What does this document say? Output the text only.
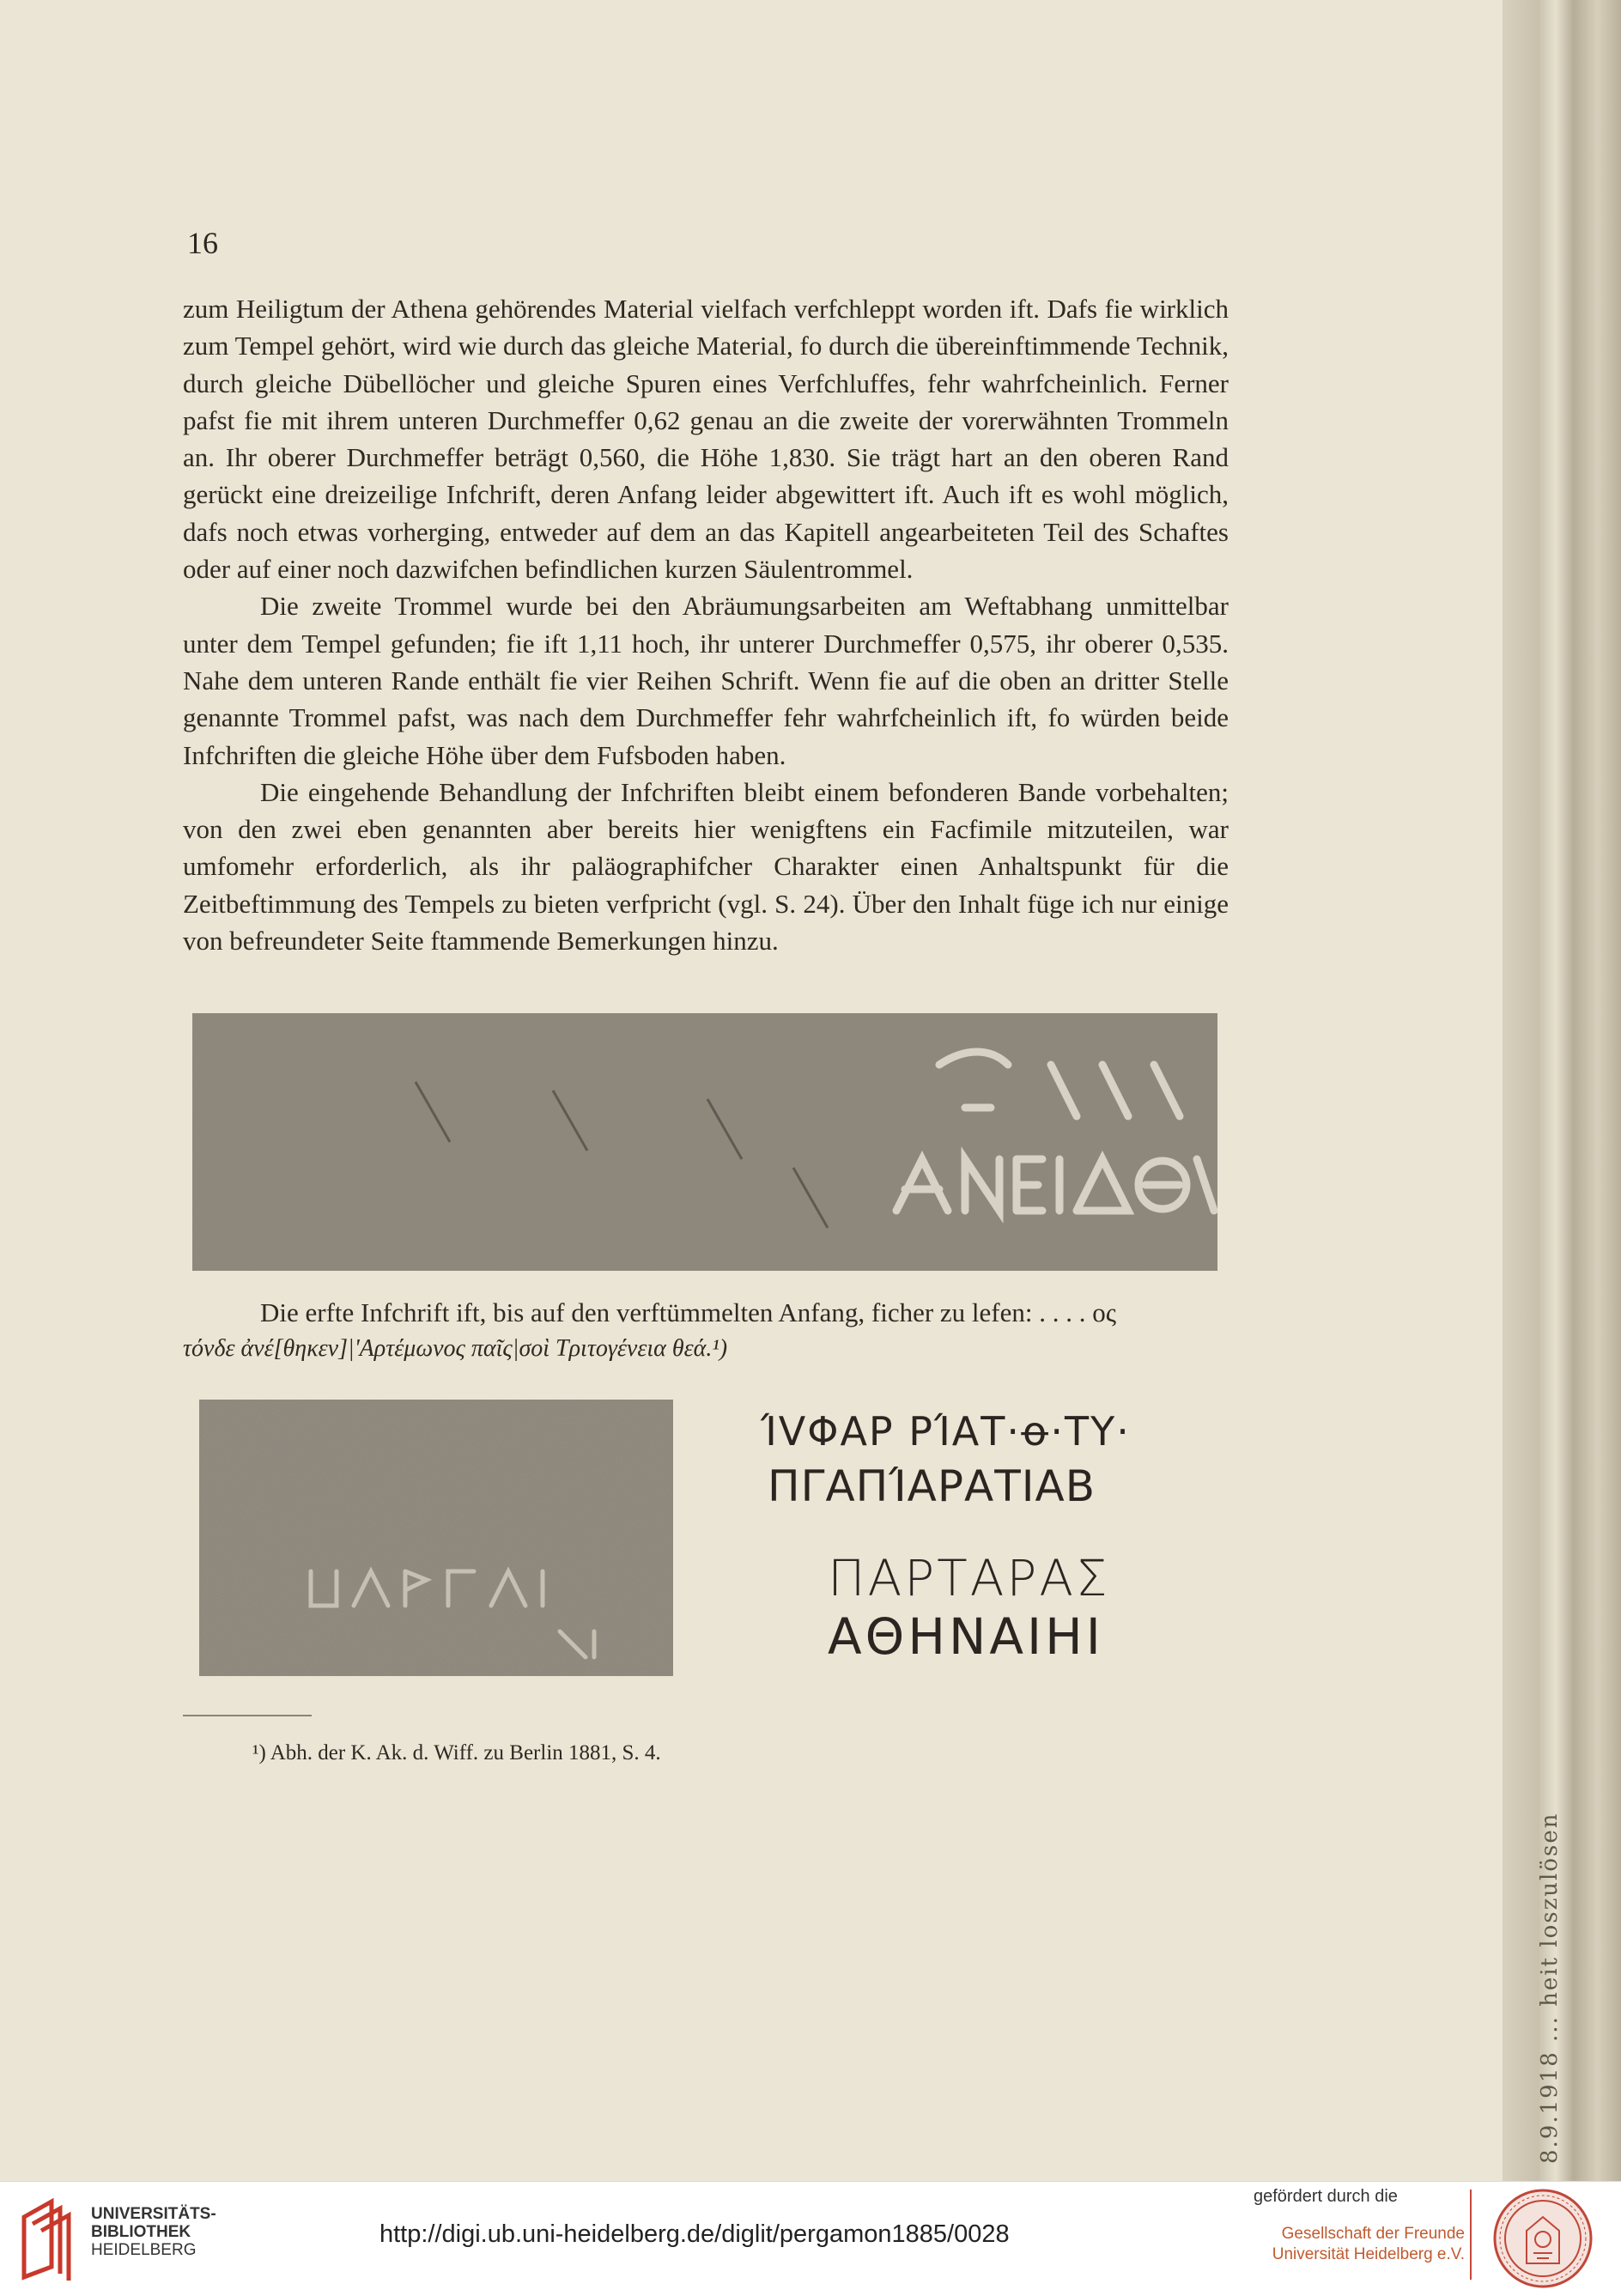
16

zum Heiligtum der Athena gehörendes Material vielfach verfchleppt worden ift. Dafs fie wirklich zum Tempel gehört, wird wie durch das gleiche Material, fo durch die übereinftimmende Technik, durch gleiche Dübellöcher und gleiche Spuren eines Verfchluffes, fehr wahrfcheinlich. Ferner pafst fie mit ihrem unteren Durchmeffer 0,62 genau an die zweite der vorerwähnten Trommeln an. Ihr oberer Durchmeffer beträgt 0,560, die Höhe 1,830. Sie trägt hart an den oberen Rand gerückt eine dreizeilige Infchrift, deren Anfang leider abgewittert ift. Auch ift es wohl möglich, dafs noch etwas vorherging, entweder auf dem an das Kapitell angearbeiteten Teil des Schaftes oder auf einer noch dazwifchen befindlichen kurzen Säulentrommel.

Die zweite Trommel wurde bei den Abräumungsarbeiten am Weftabhang unmittelbar unter dem Tempel gefunden; fie ift 1,11 hoch, ihr unterer Durchmeffer 0,575, ihr oberer 0,535. Nahe dem unteren Rande enthält fie vier Reihen Schrift. Wenn fie auf die oben an dritter Stelle genannte Trommel pafst, was nach dem Durchmeffer fehr wahrfcheinlich ift, fo würden beide Infchriften die gleiche Höhe über dem Fufsboden haben.

Die eingehende Behandlung der Infchriften bleibt einem befonderen Bande vorbehalten; von den zwei eben genannten aber bereits hier wenigftens ein Facfimile mitzuteilen, war umfomehr erforderlich, als ihr paläographifcher Charakter einen Anhaltspunkt für die Zeitbeftimmung des Tempels zu bieten verfpricht (vgl. S. 24). Über den Inhalt füge ich nur einige von befreundeter Seite ftammende Bemerkungen hinzu.

Die erfte Infchrift ift, bis auf den verftümmelten Anfang, ficher zu lefen: . . . . ος
τόνδε ἀνέ[θηκεν]|'Αρτέμωνος παῖς|σοὶ Τριτογένεια θεά.¹)
ΊVΦAΡ ΡΊAΤ·ꝋ·ΤΥ·
ΠΓΑΠΊΑΡΑΤΙΑΒ
ΠΑΡΤΑΡΑΣ
ΑΘΗΝΑΙΗΙ
¹) Abh. der K. Ak. d. Wiff. zu Berlin 1881, S. 4.
8.9.1918 ... heit loszulösen
UNIVERSITÄTS-
BIBLIOTHEK
HEIDELBERG
http://digi.ub.uni-heidelberg.de/diglit/pergamon1885/0028
gefördert durch die
Gesellschaft der Freunde
Universität Heidelberg e.V.
